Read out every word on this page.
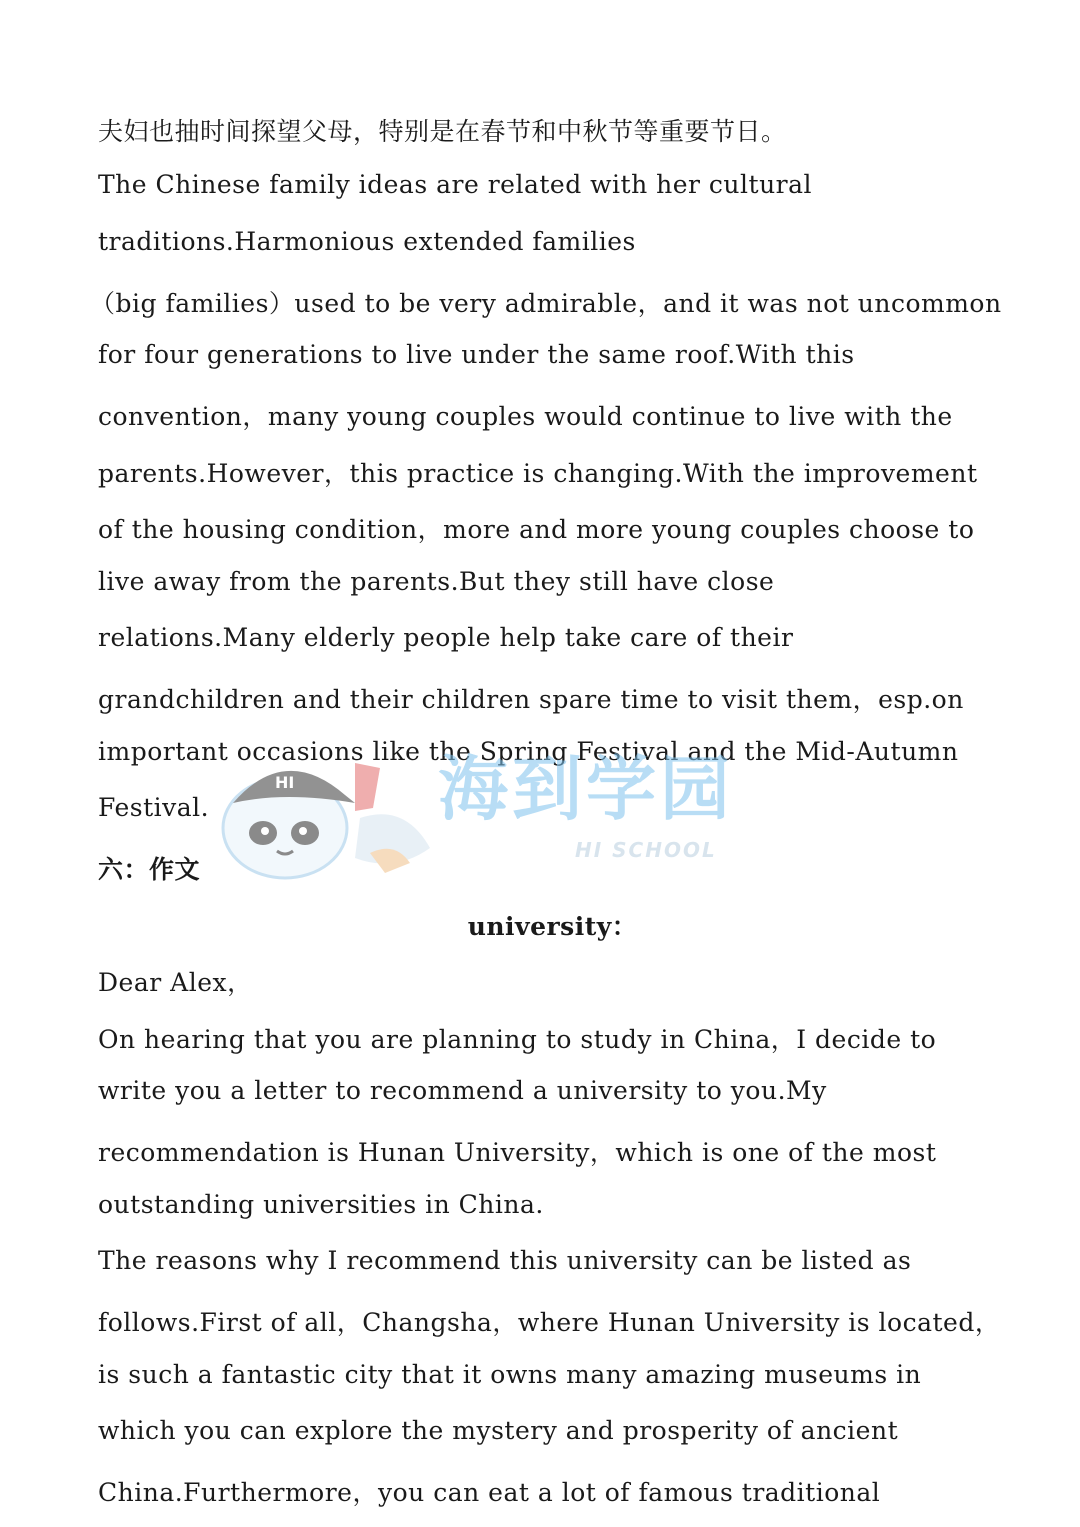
夫妇也抽时间探望父母，特别是在春节和中秋节等重要节日。
The Chinese family ideas are related with her cultural
traditions.Harmonious extended families
（big families）used to be very admirable，and it was not uncommon
for four generations to live under the same roof.With this
convention，many young couples would continue to live with the
parents.However，this practice is changing.With the improvement
of the housing condition，more and more young couples choose to
live away from the parents.But they still have close
relations.Many elderly people help take care of their
grandchildren and their children spare time to visit them，esp.on
important occasions like the Spring Festival and the Mid-Autumn
Festival.
HI 海到学园
HI SCHOOL
六：作文
university：
Dear Alex，
On hearing that you are planning to study in China，I decide to
write you a letter to recommend a university to you.My
recommendation is Hunan University，which is one of the most
outstanding universities in China.
The reasons why I recommend this university can be listed as
follows.First of all，Changsha，where Hunan University is located，
is such a fantastic city that it owns many amazing museums in
which you can explore the mystery and prosperity of ancient
China.Furthermore，you can eat a lot of famous traditional
